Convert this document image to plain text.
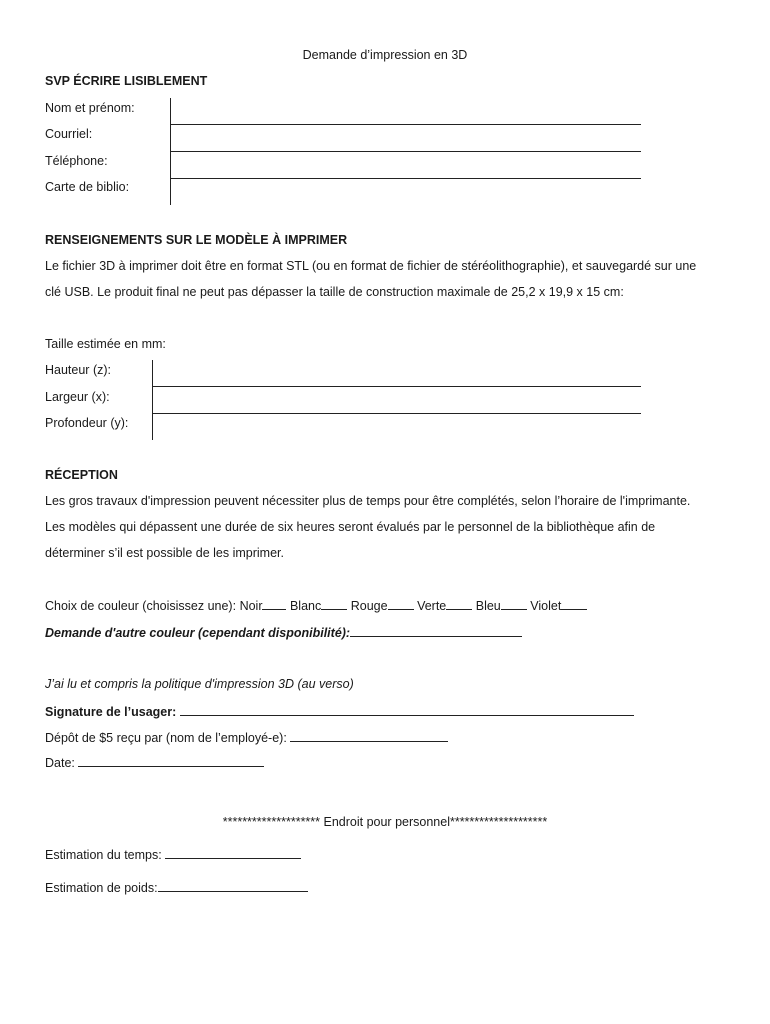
Demande d’impression en 3D
SVP ÉCRIRE LISIBLEMENT
Nom et prénom:
Courriel:
Téléphone:
Carte de biblio:
RENSEIGNEMENTS SUR LE MODÈLE À IMPRIMER
Le fichier 3D à imprimer doit être en format STL (ou en format de fichier de stéréolithographie), et sauvegardé sur une
clé USB. Le produit final ne peut pas dépasser la taille de construction maximale de 25,2 x 19,9 x 15 cm:
Taille estimée en mm:
Hauteur (z):
Largeur (x):
Profondeur (y):
RÉCEPTION
Les gros travaux d'impression peuvent nécessiter plus de temps pour être complétés, selon l’horaire de l'imprimante.
Les modèles qui dépassent une durée de six heures seront évalués par le personnel de la bibliothèque afin de
déterminer s’il est possible de les imprimer.
Choix de couleur (choisissez une): Noir Blanc Rouge Verte Bleu Violet
Demande d'autre couleur (cependant disponibilité):
J’ai lu et compris la politique d'impression 3D (au verso)
Signature de l’usager:
Dépôt de $5 reçu par (nom de l’employé-e):
Date:
******************** Endroit pour personnel********************
Estimation du temps:
Estimation de poids:
